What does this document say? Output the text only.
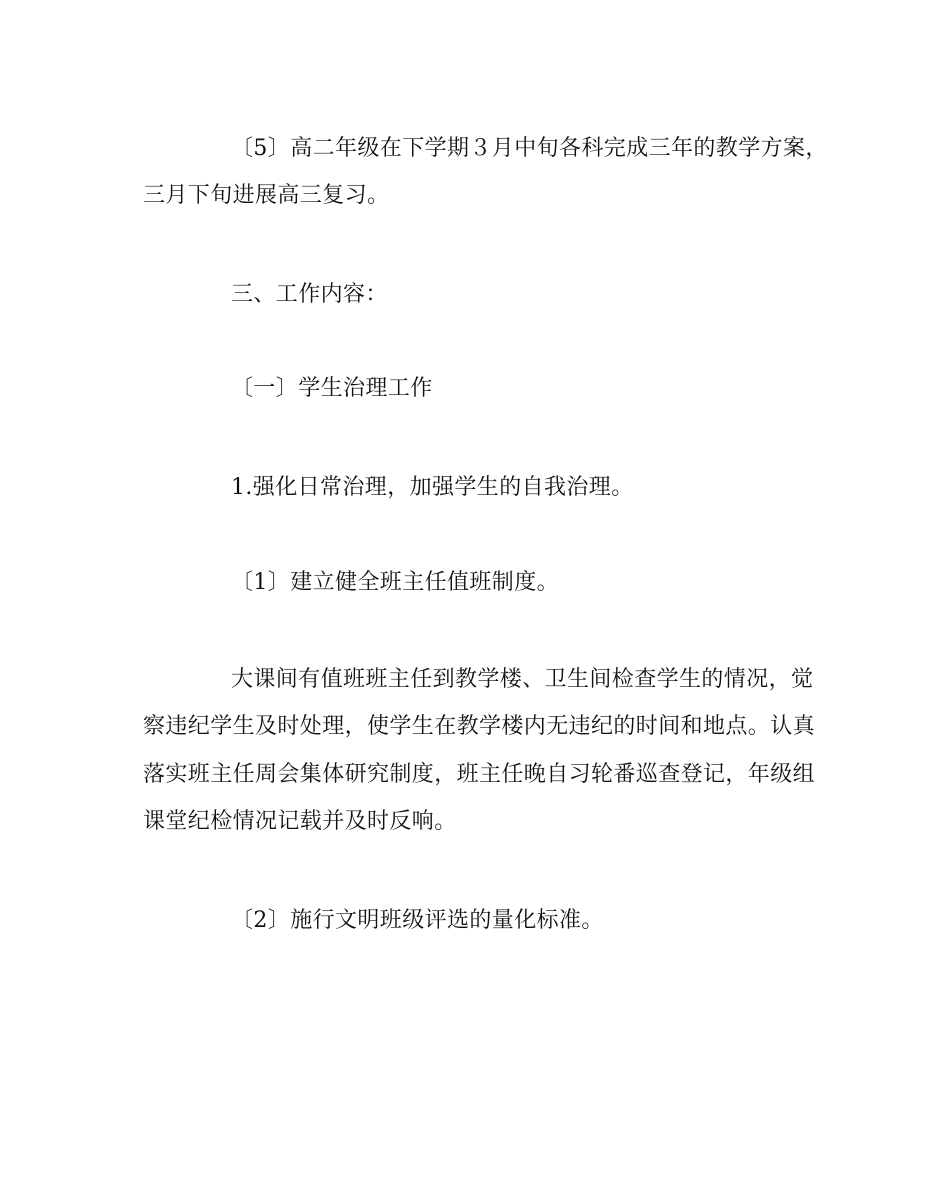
〔5〕高二年级在下学期３月中旬各科完成三年的教学方案，
三月下旬进展高三复习。
三、工作内容：
〔一〕学生治理工作
1.强化日常治理，加强学生的自我治理。
〔1〕建立健全班主任值班制度。
大课间有值班班主任到教学楼、卫生间检查学生的情况，觉
察违纪学生及时处理，使学生在教学楼内无违纪的时间和地点。认真
落实班主任周会集体研究制度，班主任晚自习轮番巡查登记，年级组
课堂纪检情况记载并及时反响。
〔2〕施行文明班级评选的量化标准。
